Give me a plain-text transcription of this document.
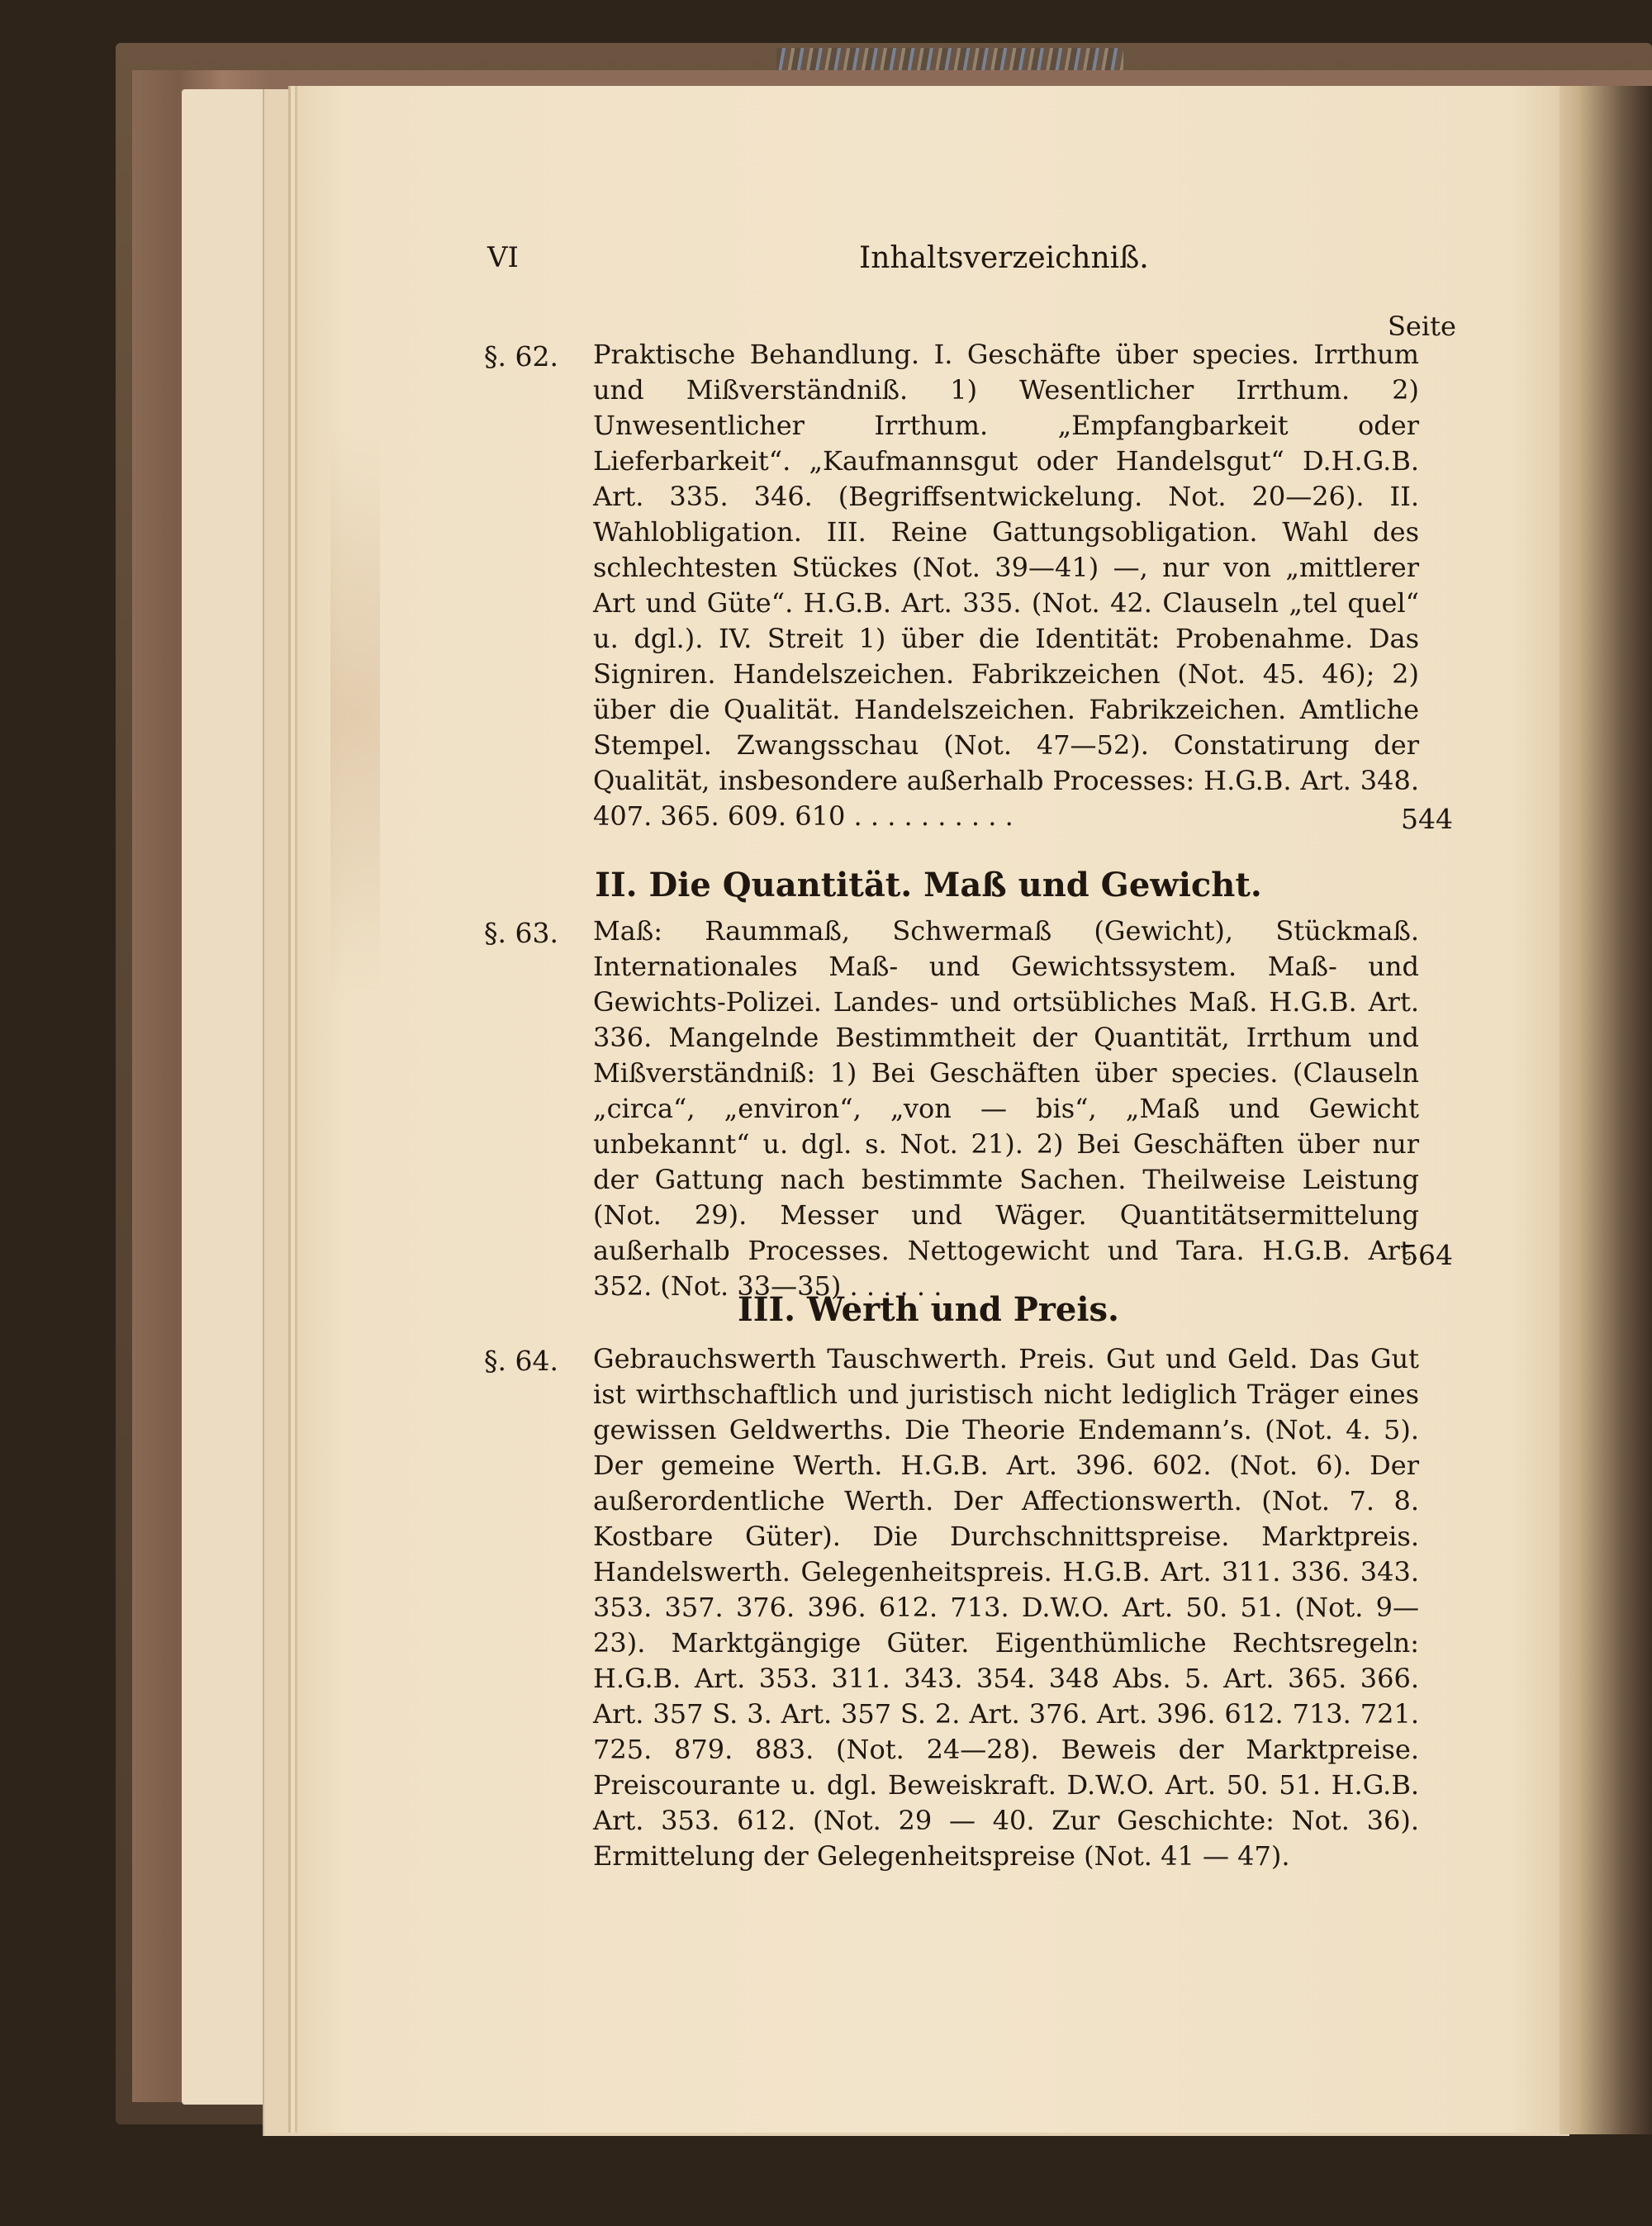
VI	Inhaltsverzeichniß.
Seite
§. 62. Praktische Behandlung. I. Geschäfte über species. Irrthum und Mißverständniß. 1) Wesentlicher Irrthum. 2) Unwesentlicher Irrthum. „Empfangbarkeit oder Lieferbarkeit“. „Kaufmannsgut oder Handelsgut“ D.H.G.B. Art. 335. 346. (Begriffsentwickelung. Not. 20—26). II. Wahlobligation. III. Reine Gattungsobligation. Wahl des schlechtesten Stückes (Not. 39—41) —, nur von „mittlerer Art und Güte“. H.G.B. Art. 335. (Not. 42. Clauseln „tel quel“ u. dgl.). IV. Streit 1) über die Identität: Probenahme. Das Signiren. Handelszeichen. Fabrikzeichen (Not. 45. 46); 2) über die Qualität. Handelszeichen. Fabrikzeichen. Amtliche Stempel. Zwangsschau (Not. 47—52). Constatirung der Qualität, insbesondere außerhalb Processes: H.G.B. Art. 348. 407. 365. 609. 610 . . . . . . . . . .	544
II. Die Quantität. Maß und Gewicht.
§. 63. Maß: Raummaß, Schwermaß (Gewicht), Stückmaß. Internationales Maß- und Gewichtssystem. Maß- und Gewichts-Polizei. Landes- und ortsübliches Maß. H.G.B. Art. 336. Mangelnde Bestimmtheit der Quantität, Irrthum und Mißverständniß: 1) Bei Geschäften über species. (Clauseln „circa“, „environ“, „von — bis“, „Maß und Gewicht unbekannt“ u. dgl. s. Not. 21). 2) Bei Geschäften über nur der Gattung nach bestimmte Sachen. Theilweise Leistung (Not. 29). Messer und Wäger. Quantitätsermittelung außerhalb Processes. Nettogewicht und Tara. H.G.B. Art. 352. (Not. 33—35) . . . . . .
564
III. Werth und Preis.
§. 64. Gebrauchswerth Tauschwerth. Preis. Gut und Geld. Das Gut ist wirthschaftlich und juristisch nicht lediglich Träger eines gewissen Geldwerths. Die Theorie Endemann’s. (Not. 4. 5). Der gemeine Werth. H.G.B. Art. 396. 602. (Not. 6). Der außerordentliche Werth. Der Affectionswerth. (Not. 7. 8. Kostbare Güter). Die Durchschnittspreise. Marktpreis. Handelswerth. Gelegenheitspreis. H.G.B. Art. 311. 336. 343. 353. 357. 376. 396. 612. 713. D.W.O. Art. 50. 51. (Not. 9—23). Marktgängige Güter. Eigenthümliche Rechtsregeln: H.G.B. Art. 353. 311. 343. 354. 348 Abs. 5. Art. 365. 366. Art. 357 S. 3. Art. 357 S. 2. Art. 376. Art. 396. 612. 713. 721. 725. 879. 883. (Not. 24—28). Beweis der Marktpreise. Preiscourante u. dgl. Beweiskraft. D.W.O. Art. 50. 51. H.G.B. Art. 353. 612. (Not. 29 — 40. Zur Geschichte: Not. 36). Ermittelung der Gelegenheitspreise (Not. 41 — 47).
